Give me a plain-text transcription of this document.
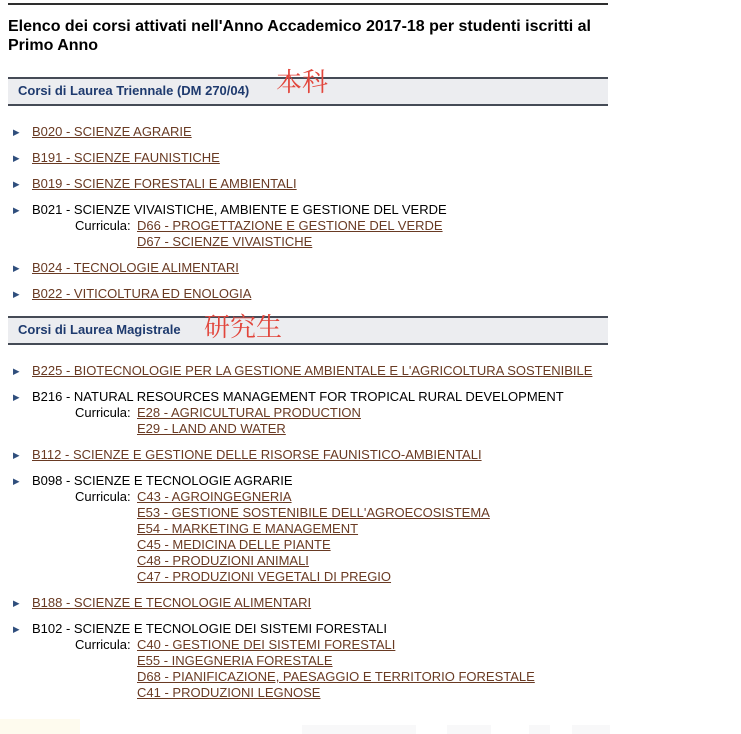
Elenco dei corsi attivati nell'Anno Accademico 2017-18 per studenti iscritti al Primo Anno
Corsi di Laurea Triennale (DM 270/04) 本科
▶ B020 - SCIENZE AGRARIE
▶ B191 - SCIENZE FAUNISTICHE
▶ B019 - SCIENZE FORESTALI E AMBIENTALI
▶ B021 - SCIENZE VIVAISTICHE, AMBIENTE E GESTIONE DEL VERDE
Curricula: D66 - PROGETTAZIONE E GESTIONE DEL VERDE
D67 - SCIENZE VIVAISTICHE
▶ B024 - TECNOLOGIE ALIMENTARI
▶ B022 - VITICOLTURA ED ENOLOGIA
Corsi di Laurea Magistrale 研究生
▶ B225 - BIOTECNOLOGIE PER LA GESTIONE AMBIENTALE E L'AGRICOLTURA SOSTENIBILE
▶ B216 - NATURAL RESOURCES MANAGEMENT FOR TROPICAL RURAL DEVELOPMENT
Curricula: E28 - AGRICULTURAL PRODUCTION
E29 - LAND AND WATER
▶ B112 - SCIENZE E GESTIONE DELLE RISORSE FAUNISTICO-AMBIENTALI
▶ B098 - SCIENZE E TECNOLOGIE AGRARIE
Curricula: C43 - AGROINGEGNERIA
E53 - GESTIONE SOSTENIBILE DELL'AGROECOSISTEMA
E54 - MARKETING E MANAGEMENT
C45 - MEDICINA DELLE PIANTE
C48 - PRODUZIONI ANIMALI
C47 - PRODUZIONI VEGETALI DI PREGIO
▶ B188 - SCIENZE E TECNOLOGIE ALIMENTARI
▶ B102 - SCIENZE E TECNOLOGIE DEI SISTEMI FORESTALI
Curricula: C40 - GESTIONE DEI SISTEMI FORESTALI
E55 - INGEGNERIA FORESTALE
D68 - PIANIFICAZIONE, PAESAGGIO E TERRITORIO FORESTALE
C41 - PRODUZIONI LEGNOSE
